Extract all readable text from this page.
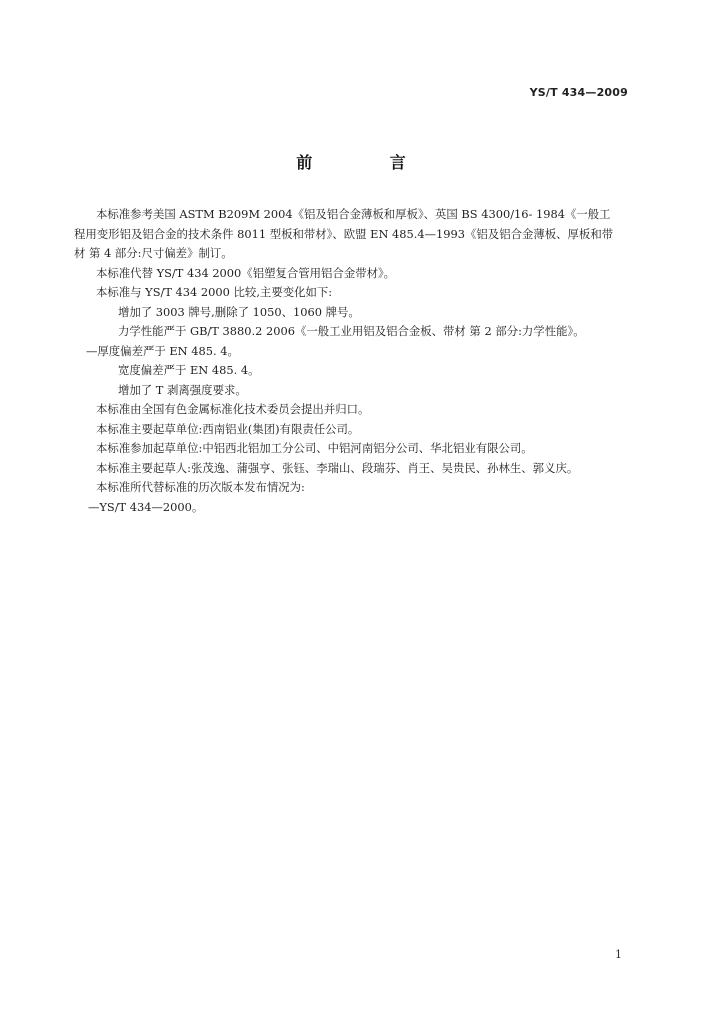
YS/T 434—2009
前 言
本标准参考美国 ASTM B209M 2004《铝及铝合金薄板和厚板》、英国 BS 4300/16- 1984《一般工
程用变形铝及铝合金的技术条件 8011 型板和带材》、欧盟 EN 485.4—1993《铝及铝合金薄板、厚板和带
材 第 4 部分:尺寸偏差》制订。
本标准代替 YS/T 434 2000《铝塑复合管用铝合金带材》。
本标准与 YS/T 434 2000 比较,主要变化如下:
增加了 3003 牌号,删除了 1050、1060 牌号。
力学性能严于 GB/T 3880.2 2006《一般工业用铝及铝合金板、带材 第 2 部分:力学性能》。
—厚度偏差严于 EN 485. 4。
宽度偏差严于 EN 485. 4。
增加了 T 剥离强度要求。
本标准由全国有色金属标准化技术委员会提出并归口。
本标准主要起草单位:西南铝业(集团)有限责任公司。
本标准参加起草单位:中铝西北铝加工分公司、中铝河南铝分公司、华北铝业有限公司。
本标准主要起草人:张茂逸、蒲强亨、张钰、李瑞山、段瑞芬、肖王、吴贵民、孙林生、郭义庆。
本标准所代替标准的历次版本发布情况为:
—YS/T 434—2000。
1
